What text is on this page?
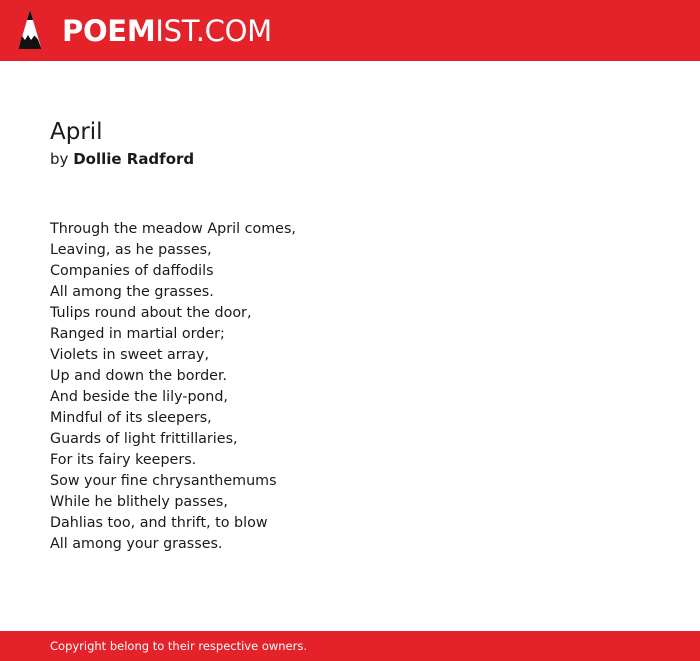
POEMIST.COM
April
by Dollie Radford
Through the meadow April comes,
Leaving, as he passes,
Companies of daffodils
All among the grasses.
Tulips round about the door,
Ranged in martial order;
Violets in sweet array,
Up and down the border.
And beside the lily-pond,
Mindful of its sleepers,
Guards of light frittillaries,
For its fairy keepers.
Sow your fine chrysanthemums
While he blithely passes,
Dahlias too, and thrift, to blow
All among your grasses.
Copyright belong to their respective owners.
